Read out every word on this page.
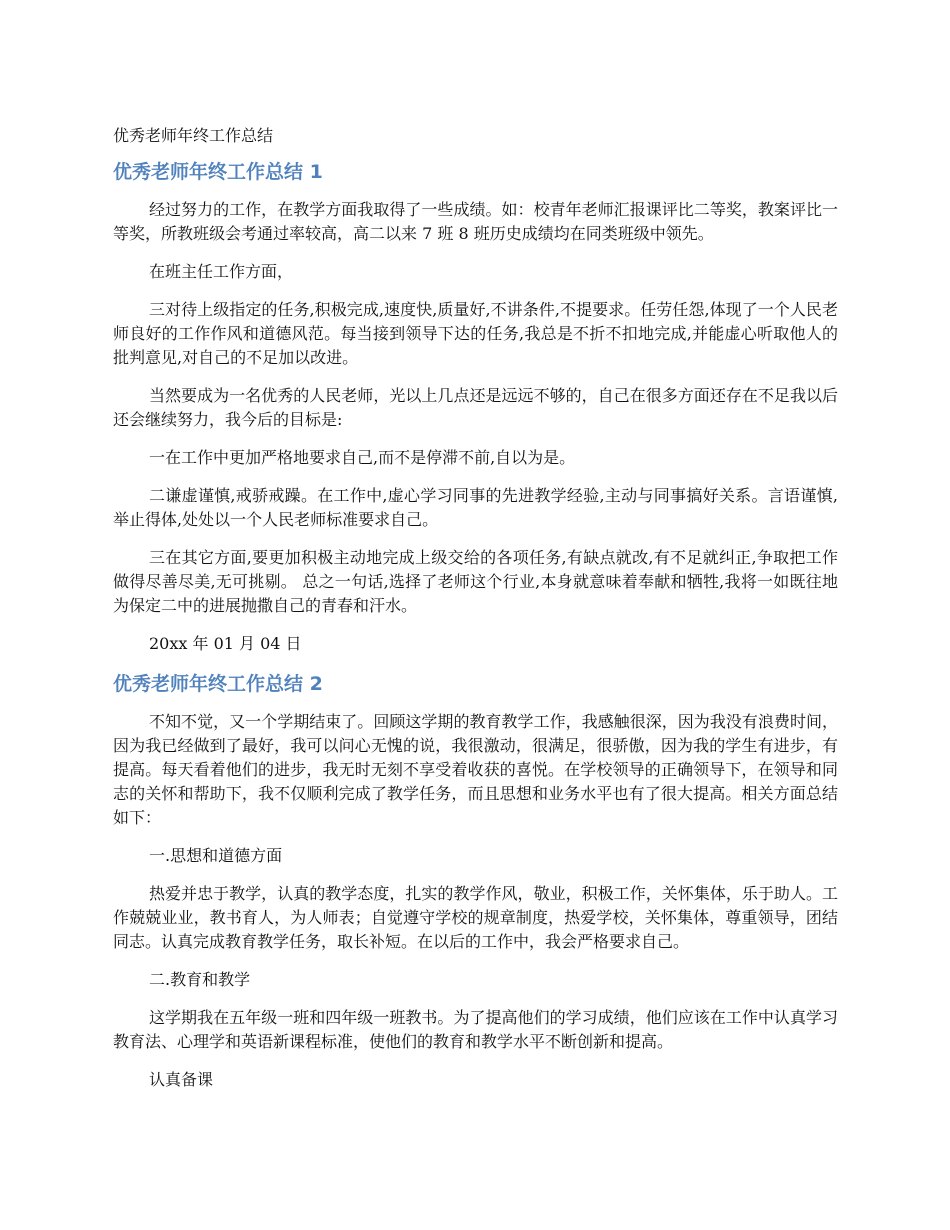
优秀老师年终工作总结
优秀老师年终工作总结 1

经过努力的工作，在教学方面我取得了一些成绩。如：校青年老师汇报课评比二等奖，教案评比一等奖，所教班级会考通过率较高，高二以来 7 班 8 班历史成绩均在同类班级中领先。

在班主任工作方面，

三对待上级指定的任务,积极完成,速度快,质量好,不讲条件,不提要求。任劳任怨,体现了一个人民老师良好的工作作风和道德风范。每当接到领导下达的任务,我总是不折不扣地完成,并能虚心听取他人的批判意见,对自己的不足加以改进。

当然要成为一名优秀的人民老师，光以上几点还是远远不够的，自己在很多方面还存在不足我以后还会继续努力，我今后的目标是:

一在工作中更加严格地要求自己,而不是停滞不前,自以为是。

二谦虚谨慎,戒骄戒躁。在工作中,虚心学习同事的先进教学经验,主动与同事搞好关系。言语谨慎,举止得体,处处以一个人民老师标准要求自己。

三在其它方面,要更加积极主动地完成上级交给的各项任务,有缺点就改,有不足就纠正,争取把工作做得尽善尽美,无可挑剔。 总之一句话,选择了老师这个行业,本身就意味着奉献和牺牲,我将一如既往地为保定二中的进展抛撒自己的青春和汗水。

20xx 年 01 月 04 日

优秀老师年终工作总结 2

不知不觉，又一个学期结束了。回顾这学期的教育教学工作，我感触很深，因为我没有浪费时间，因为我已经做到了最好，我可以问心无愧的说，我很激动，很满足，很骄傲，因为我的学生有进步，有提高。每天看着他们的进步，我无时无刻不享受着收获的喜悦。在学校领导的正确领导下，在领导和同志的关怀和帮助下，我不仅顺利完成了教学任务，而且思想和业务水平也有了很大提高。相关方面总结如下：

一.思想和道德方面

热爱并忠于教学，认真的教学态度，扎实的教学作风，敬业，积极工作，关怀集体，乐于助人。工作兢兢业业，教书育人，为人师表；自觉遵守学校的规章制度，热爱学校，关怀集体，尊重领导，团结同志。认真完成教育教学任务，取长补短。在以后的工作中，我会严格要求自己。

二.教育和教学

这学期我在五年级一班和四年级一班教书。为了提高他们的学习成绩，他们应该在工作中认真学习教育法、心理学和英语新课程标准，使他们的教育和教学水平不断创新和提高。

认真备课
